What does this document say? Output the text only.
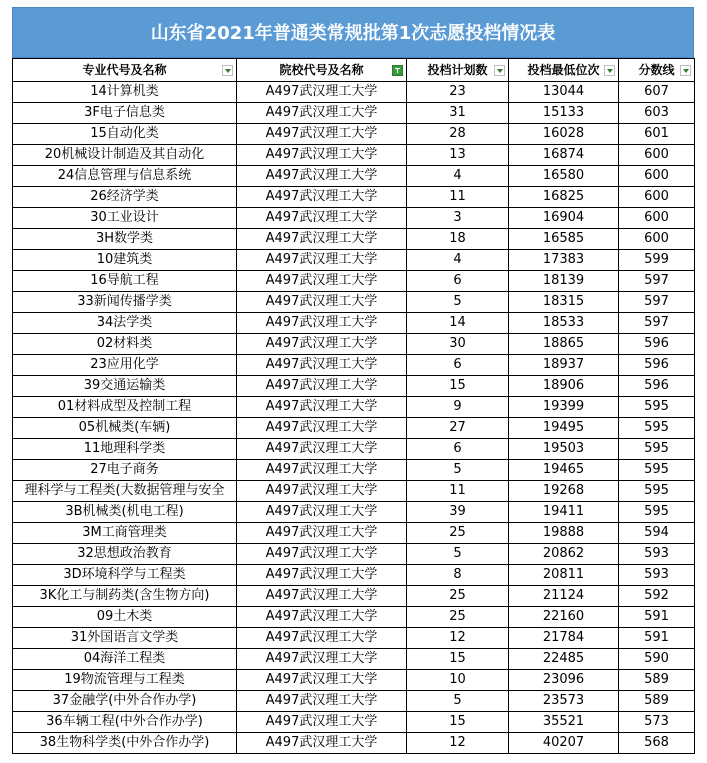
山东省2021年普通类常规批第1次志愿投档情况表
专业代号及名称	院校代号及名称	投档计划数	投档最低位次	分数线

14计算机类	A497武汉理工大学	23	13044	607
3F电子信息类	A497武汉理工大学	31	15133	603
15自动化类	A497武汉理工大学	28	16028	601
20机械设计制造及其自动化	A497武汉理工大学	13	16874	600
24信息管理与信息系统	A497武汉理工大学	4	16580	600
26经济学类	A497武汉理工大学	11	16825	600
30工业设计	A497武汉理工大学	3	16904	600
3H数学类	A497武汉理工大学	18	16585	600
10建筑类	A497武汉理工大学	4	17383	599
16导航工程	A497武汉理工大学	6	18139	597
33新闻传播学类	A497武汉理工大学	5	18315	597
34法学类	A497武汉理工大学	14	18533	597
02材料类	A497武汉理工大学	30	18865	596
23应用化学	A497武汉理工大学	6	18937	596
39交通运输类	A497武汉理工大学	15	18906	596
01材料成型及控制工程	A497武汉理工大学	9	19399	595
05机械类(车辆)	A497武汉理工大学	27	19495	595
11地理科学类	A497武汉理工大学	6	19503	595
27电子商务	A497武汉理工大学	5	19465	595
理科学与工程类(大数据管理与安全	A497武汉理工大学	11	19268	595
3B机械类(机电工程)	A497武汉理工大学	39	19411	595
3M工商管理类	A497武汉理工大学	25	19888	594
32思想政治教育	A497武汉理工大学	5	20862	593
3D环境科学与工程类	A497武汉理工大学	8	20811	593
3K化工与制药类(含生物方向)	A497武汉理工大学	25	21124	592
09土木类	A497武汉理工大学	25	22160	591
31外国语言文学类	A497武汉理工大学	12	21784	591
04海洋工程类	A497武汉理工大学	15	22485	590
19物流管理与工程类	A497武汉理工大学	10	23096	589
37金融学(中外合作办学)	A497武汉理工大学	5	23573	589
36车辆工程(中外合作办学)	A497武汉理工大学	15	35521	573
38生物科学类(中外合作办学)	A497武汉理工大学	12	40207	568
